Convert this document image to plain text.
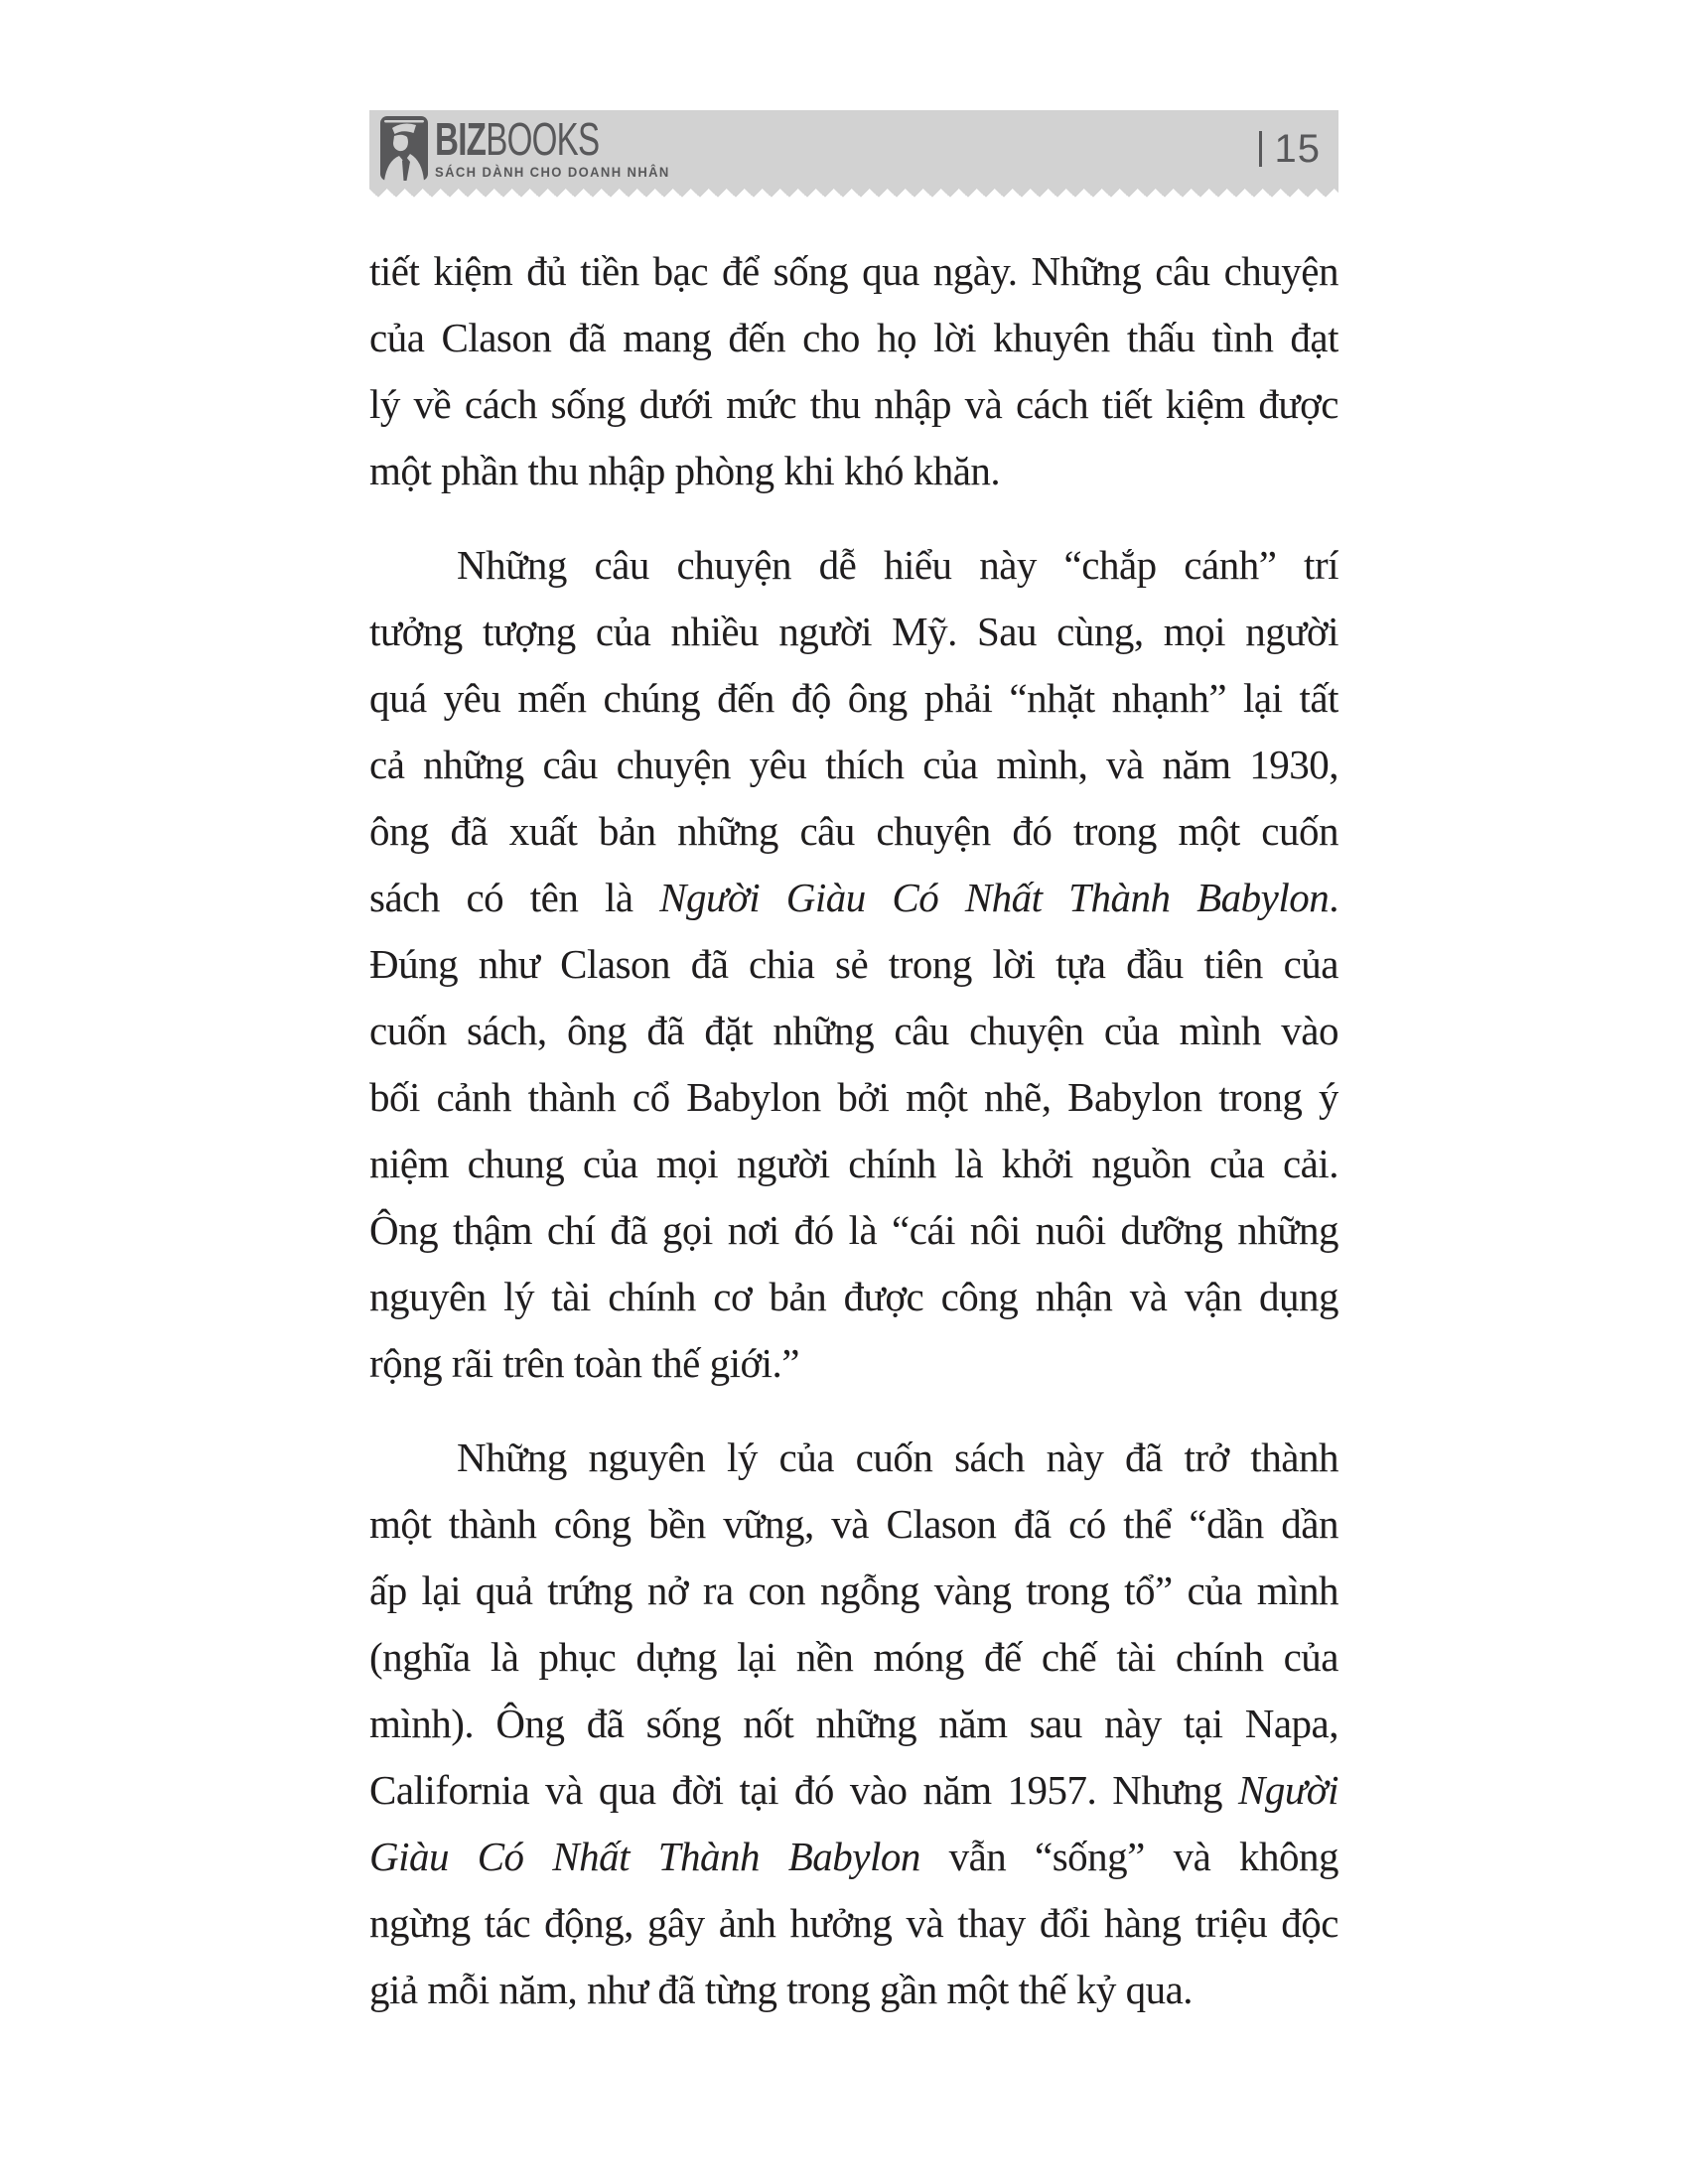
BIZBOOKS
SÁCH DÀNH CHO DOANH NHÂN
15
tiết kiệm đủ tiền bạc để sống qua ngày. Những câu chuyện
của Clason đã mang đến cho họ lời khuyên thấu tình đạt
lý về cách sống dưới mức thu nhập và cách tiết kiệm được
một phần thu nhập phòng khi khó khăn.
Những câu chuyện dễ hiểu này “chắp cánh” trí
tưởng tượng của nhiều người Mỹ. Sau cùng, mọi người
quá yêu mến chúng đến độ ông phải “nhặt nhạnh” lại tất
cả những câu chuyện yêu thích của mình, và năm 1930,
ông đã xuất bản những câu chuyện đó trong một cuốn
sách có tên là Người Giàu Có Nhất Thành Babylon.
Đúng như Clason đã chia sẻ trong lời tựa đầu tiên của
cuốn sách, ông đã đặt những câu chuyện của mình vào
bối cảnh thành cổ Babylon bởi một nhẽ, Babylon trong ý
niệm chung của mọi người chính là khởi nguồn của cải.
Ông thậm chí đã gọi nơi đó là “cái nôi nuôi dưỡng những
nguyên lý tài chính cơ bản được công nhận và vận dụng
rộng rãi trên toàn thế giới.”
Những nguyên lý của cuốn sách này đã trở thành
một thành công bền vững, và Clason đã có thể “dần dần
ấp lại quả trứng nở ra con ngỗng vàng trong tổ” của mình
(nghĩa là phục dựng lại nền móng đế chế tài chính của
mình). Ông đã sống nốt những năm sau này tại Napa,
California và qua đời tại đó vào năm 1957. Nhưng Người
Giàu Có Nhất Thành Babylon vẫn “sống” và không
ngừng tác động, gây ảnh hưởng và thay đổi hàng triệu độc
giả mỗi năm, như đã từng trong gần một thế kỷ qua.
